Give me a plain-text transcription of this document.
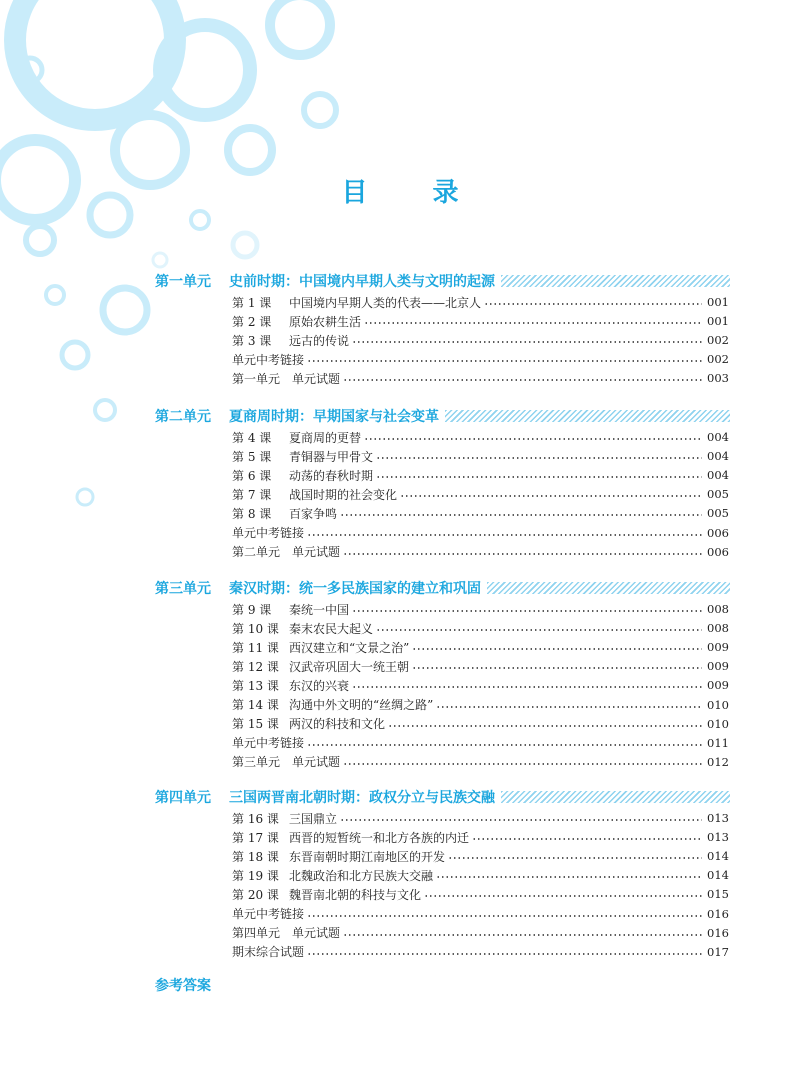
目 录
第一单元	史前时期：中国境内早期人类与文明的起源
第 1 课	中国境内早期人类的代表——北京人	001
第 2 课	原始农耕生活	001
第 3 课	远古的传说	002
单元中考链接	002
第一单元　单元试题	003
第二单元	夏商周时期：早期国家与社会变革
第 4 课	夏商周的更替	004
第 5 课	青铜器与甲骨文	004
第 6 课	动荡的春秋时期	004
第 7 课	战国时期的社会变化	005
第 8 课	百家争鸣	005
单元中考链接	006
第二单元　单元试题	006
第三单元	秦汉时期：统一多民族国家的建立和巩固
第 9 课	秦统一中国	008
第 10 课 秦末农民大起义	008
第 11 课 西汉建立和“文景之治”	009
第 12 课 汉武帝巩固大一统王朝	009
第 13 课 东汉的兴衰	009
第 14 课 沟通中外文明的“丝绸之路”	010
第 15 课 两汉的科技和文化	010
单元中考链接	011
第三单元　单元试题	012
第四单元	三国两晋南北朝时期：政权分立与民族交融
第 16 课 三国鼎立	013
第 17 课 西晋的短暂统一和北方各族的内迁	013
第 18 课 东晋南朝时期江南地区的开发	014
第 19 课 北魏政治和北方民族大交融	014
第 20 课 魏晋南北朝的科技与文化	015
单元中考链接	016
第四单元　单元试题	016
期末综合试题	017
参考答案
